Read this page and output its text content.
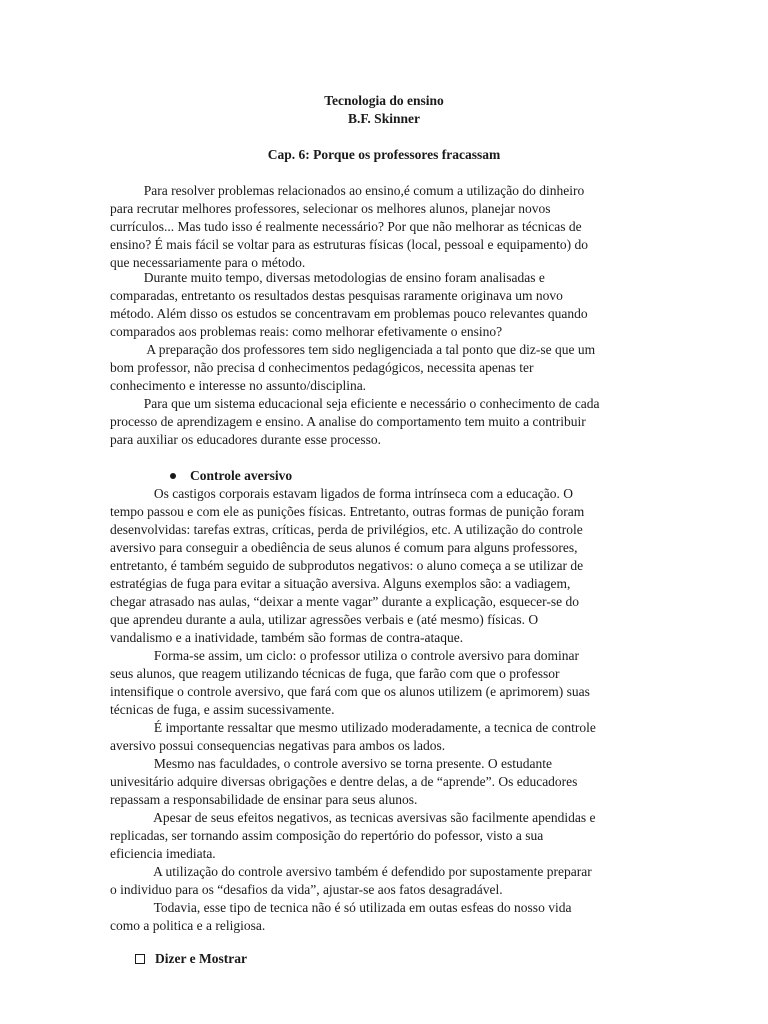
Tecnologia do ensino
B.F. Skinner
Cap. 6: Porque os professores fracassam

Para resolver problemas relacionados ao ensino,é comum a utilização do dinheiro
para recrutar melhores professores, selecionar os melhores alunos, planejar novos
currículos... Mas tudo isso é realmente necessário? Por que não melhorar as técnicas de
ensino? É mais fácil se voltar para as estruturas físicas (local, pessoal e equipamento) do
que necessariamente para o método.

Durante muito tempo, diversas metodologias de ensino foram analisadas e
comparadas, entretanto os resultados destas pesquisas raramente originava um novo
método. Além disso os estudos se concentravam em problemas pouco relevantes quando
comparados aos problemas reais: como melhorar efetivamente o ensino?

A preparação dos professores tem sido negligenciada a tal ponto que diz-se que um
bom professor, não precisa d conhecimentos pedagógicos, necessita apenas ter
conhecimento e interesse no assunto/disciplina.

Para que um sistema educacional seja eficiente e necessário o conhecimento de cada
processo de aprendizagem e ensino. A analise do comportamento tem muito a contribuir
para auxiliar os educadores durante esse processo.

Controle aversivo

Os castigos corporais estavam ligados de forma intrínseca com a educação. O
tempo passou e com ele as punições físicas. Entretanto, outras formas de punição foram
desenvolvidas: tarefas extras, críticas, perda de privilégios, etc. A utilização do controle
aversivo para conseguir a obediência de seus alunos é comum para alguns professores,
entretanto, é também seguido de subprodutos negativos: o aluno começa a se utilizar de
estratégias de fuga para evitar a situação aversiva. Alguns exemplos são: a vadiagem,
chegar atrasado nas aulas, “deixar a mente vagar” durante a explicação, esquecer-se do
que aprendeu durante a aula, utilizar agressões verbais e (até mesmo) físicas. O
vandalismo e a inatividade, também são formas de contra-ataque.

Forma-se assim, um ciclo: o professor utiliza o controle aversivo para dominar
seus alunos, que reagem utilizando técnicas de fuga, que farão com que o professor
intensifique o controle aversivo, que fará com que os alunos utilizem (e aprimorem) suas
técnicas de fuga, e assim sucessivamente.

É importante ressaltar que mesmo utilizado moderadamente, a tecnica de controle
aversivo possui consequencias negativas para ambos os lados.

Mesmo nas faculdades, o controle aversivo se torna presente. O estudante
univesitário adquire diversas obrigações e dentre delas, a de “aprende”. Os educadores
repassam a responsabilidade de ensinar para seus alunos.

Apesar de seus efeitos negativos, as tecnicas aversivas são facilmente apendidas e
replicadas, ser tornando assim composição do repertório do pofessor, visto a sua
eficiencia imediata.

A utilização do controle aversivo também é defendido por supostamente preparar
o individuo para os “desafios da vida”, ajustar-se aos fatos desagradável.

Todavia, esse tipo de tecnica não é só utilizada em outas esfeas do nosso vida
como a politica e a religiosa.

Dizer e Mostrar
